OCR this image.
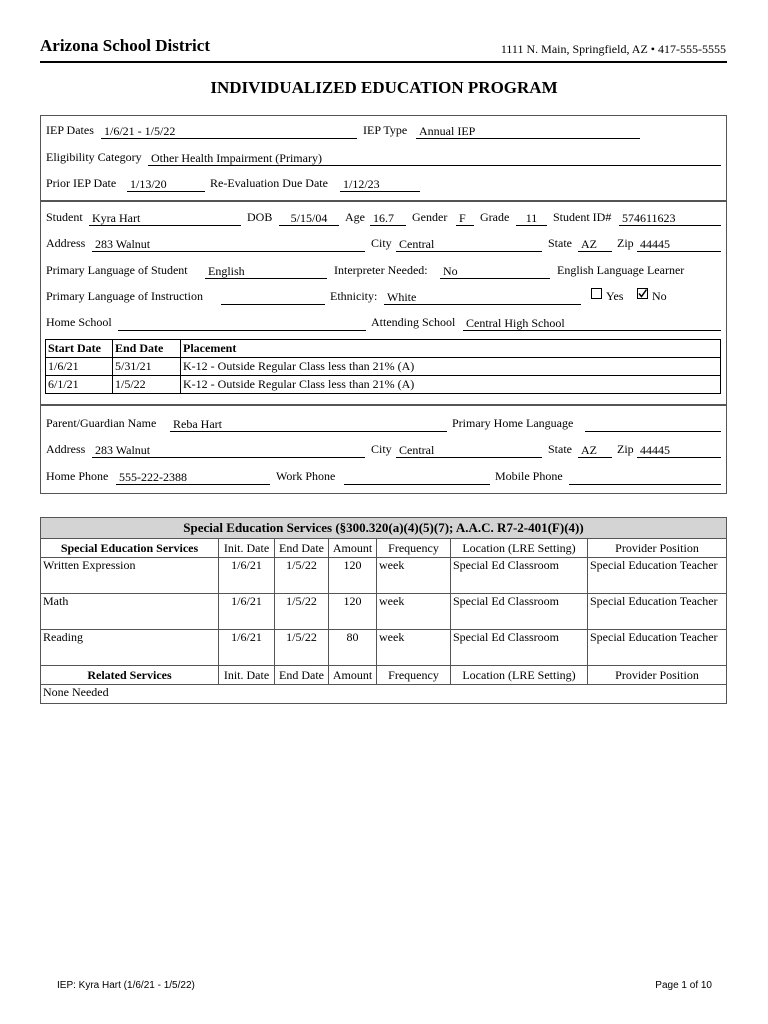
Arizona School District	1111 N. Main, Springfield, AZ • 417-555-5555
INDIVIDUALIZED EDUCATION PROGRAM
IEP Dates 1/6/21 - 1/5/22	IEP Type Annual IEP
Eligibility Category Other Health Impairment (Primary)
Prior IEP Date 1/13/20	Re-Evaluation Due Date 1/12/23
Student Kyra Hart	DOB	5/15/04	Age 16.7	Gender F	Grade	11	Student ID# 574611623
Address 283 Walnut	City Central	State AZ	Zip 44445
Primary Language of Student English	Interpreter Needed: No	English Language Learner
Primary Language of Instruction	Ethnicity: White	Yes No
Home School	Attending School Central High School
Start Date	End Date	Placement
1/6/21	5/31/21	K-12 - Outside Regular Class less than 21% (A)
6/1/21	1/5/22	K-12 - Outside Regular Class less than 21% (A)
Parent/Guardian Name Reba Hart	Primary Home Language
Address 283 Walnut	City Central	State AZ	Zip 44445
Home Phone 555-222-2388	Work Phone	Mobile Phone
Special Education Services (§300.320(a)(4)(5)(7); A.A.C. R7-2-401(F)(4))						
Special Education Services	Init. Date	End Date	Amount	Frequency	Location (LRE Setting)	Provider Position
Written Expression	1/6/21	1/5/22	120	week	Special Ed Classroom	Special Education Teacher
Math	1/6/21	1/5/22	120	week	Special Ed Classroom	Special Education Teacher
Reading	1/6/21	1/5/22	80	week	Special Ed Classroom	Special Education Teacher
Related Services	Init. Date	End Date	Amount	Frequency	Location (LRE Setting)	Provider Position
None Needed						
IEP: Kyra Hart (1/6/21 - 1/5/22)	Page 1 of 10
